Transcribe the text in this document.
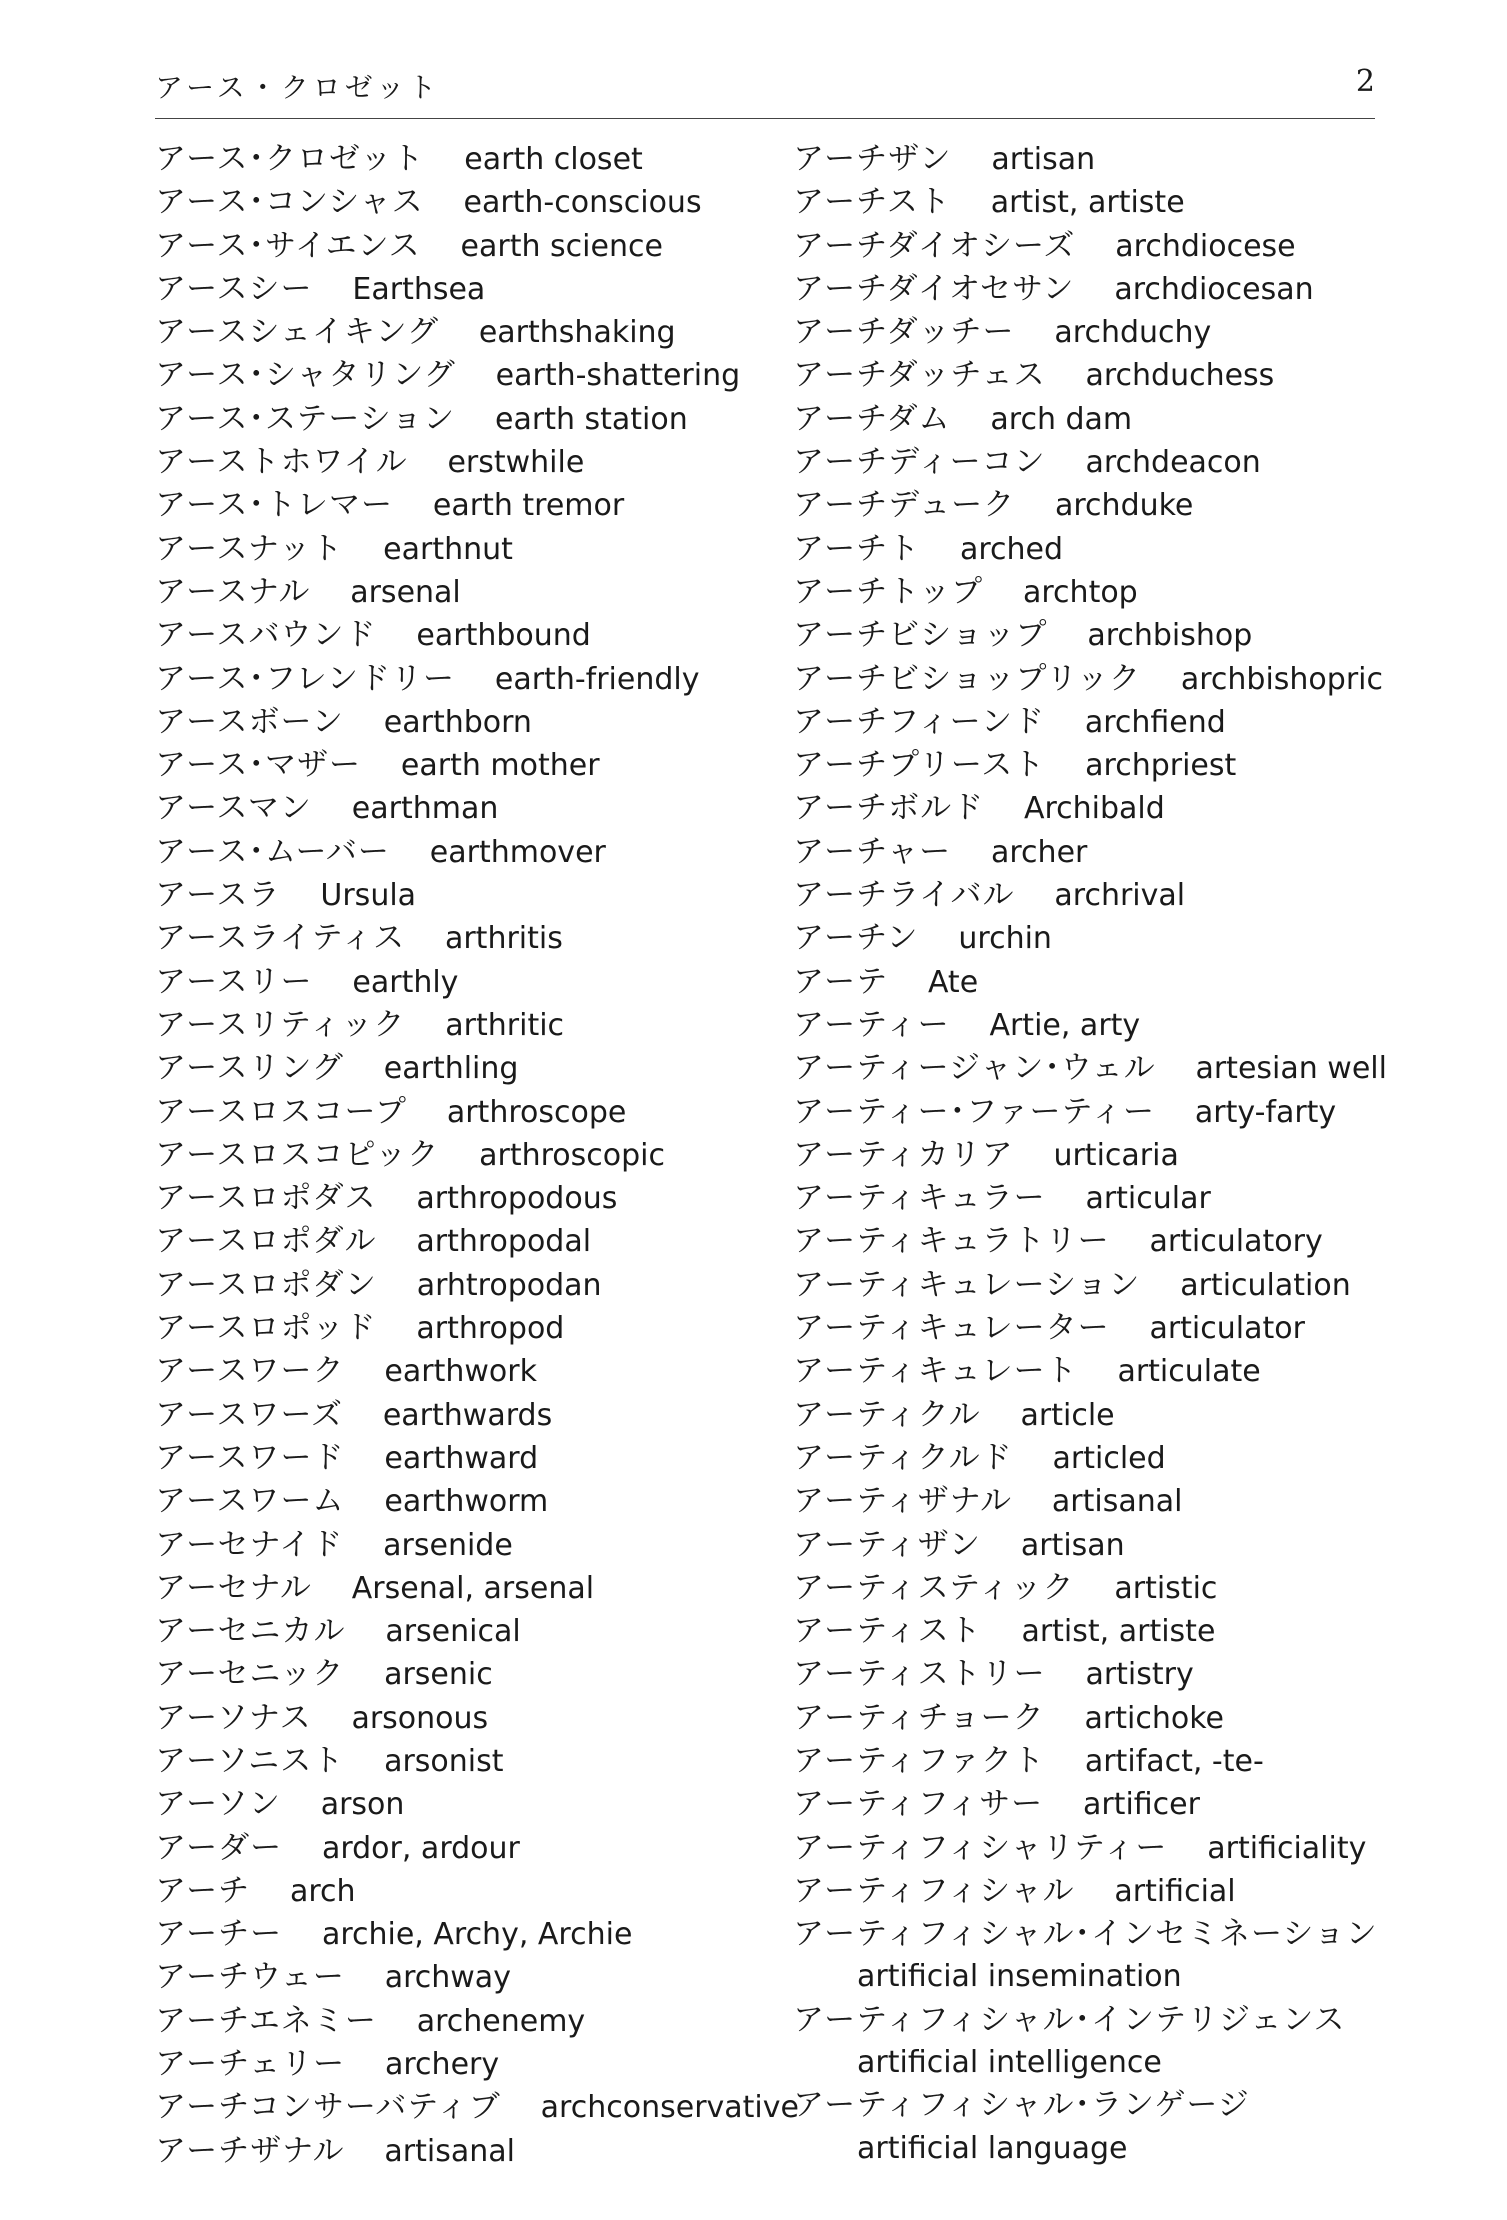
アース・クロゼット	2
アース･クロゼット earth closet
アース･コンシャス earth-conscious
アース･サイエンス earth science
アースシー Earthsea
アースシェイキング earthshaking
アース･シャタリング earth-shattering
アース･ステーション earth station
アーストホワイル erstwhile
アース･トレマー earth tremor
アースナット earthnut
アースナル arsenal
アースバウンド earthbound
アース･フレンドリー earth-friendly
アースボーン earthborn
アース･マザー earth mother
アースマン earthman
アース･ムーバー earthmover
アースラ Ursula
アースライティス arthritis
アースリー earthly
アースリティック arthritic
アースリング earthling
アースロスコープ arthroscope
アースロスコピック arthroscopic
アースロポダス arthropodous
アースロポダル arthropodal
アースロポダン arhtropodan
アースロポッド arthropod
アースワーク earthwork
アースワーズ earthwards
アースワード earthward
アースワーム earthworm
アーセナイド arsenide
アーセナル Arsenal, arsenal
アーセニカル arsenical
アーセニック arsenic
アーソナス arsonous
アーソニスト arsonist
アーソン arson
アーダー ardor, ardour
アーチ arch
アーチー archie, Archy, Archie
アーチウェー archway
アーチエネミー archenemy
アーチェリー archery
アーチコンサーバティブ archconservative
アーチザナル artisanal
アーチザン artisan
アーチスト artist, artiste
アーチダイオシーズ archdiocese
アーチダイオセサン archdiocesan
アーチダッチー archduchy
アーチダッチェス archduchess
アーチダム arch dam
アーチディーコン archdeacon
アーチデューク archduke
アーチト arched
アーチトップ archtop
アーチビショップ archbishop
アーチビショップリック archbishopric
アーチフィーンド archfiend
アーチプリースト archpriest
アーチボルド Archibald
アーチャー archer
アーチライバル archrival
アーチン urchin
アーテ Ate
アーティー Artie, arty
アーティージャン･ウェル artesian well
アーティー･ファーティー arty-farty
アーティカリア urticaria
アーティキュラー articular
アーティキュラトリー articulatory
アーティキュレーション articulation
アーティキュレーター articulator
アーティキュレート articulate
アーティクル article
アーティクルド articled
アーティザナル artisanal
アーティザン artisan
アーティスティック artistic
アーティスト artist, artiste
アーティストリー artistry
アーティチョーク artichoke
アーティファクト artifact, -te-
アーティフィサー artificer
アーティフィシャリティー artificiality
アーティフィシャル artificial
アーティフィシャル･インセミネーション artificial insemination
アーティフィシャル･インテリジェンス artificial intelligence
アーティフィシャル･ランゲージ artificial language
